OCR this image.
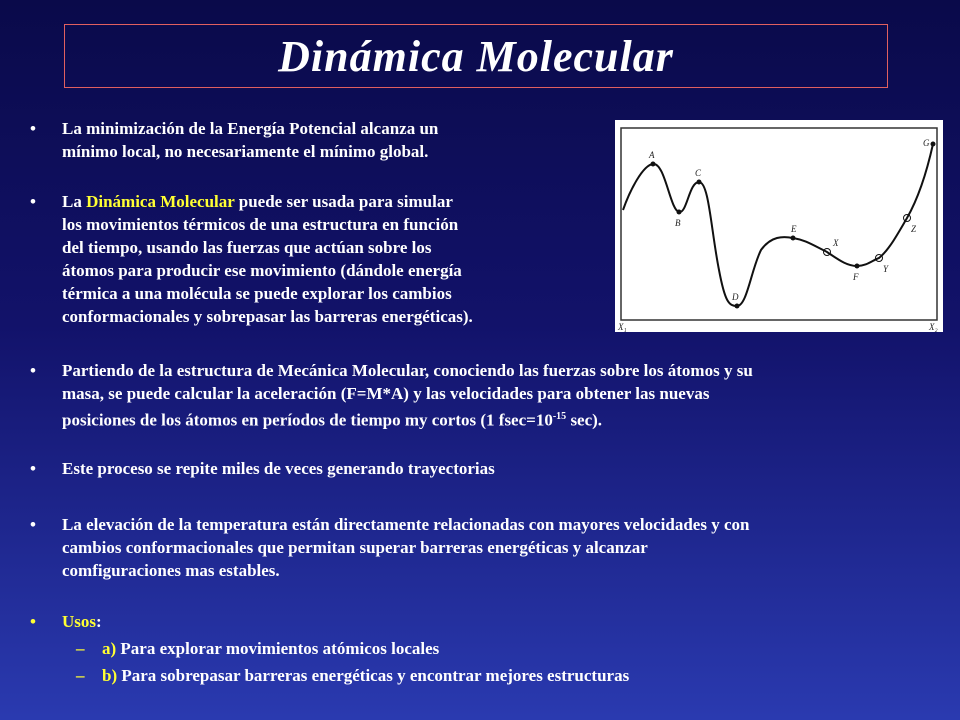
Dinámica Molecular
• La minimización de la Energía Potencial alcanza un
mínimo local, no necesariamente el mínimo global.
• La Dinámica Molecular puede ser usada para simular
los movimientos térmicos de una estructura en función
del tiempo, usando las fuerzas que actúan sobre los
átomos para producir ese movimiento (dándole energía
térmica a una molécula se puede explorar los cambios
conformacionales y sobrepasar las barreras energéticas).
A
B
C
D
E
F
G
X
Y
Z
X₁	X₂
• Partiendo de la estructura de Mecánica Molecular, conociendo las fuerzas sobre los átomos y su
masa, se puede calcular la aceleración (F=M*A) y las velocidades para obtener las nuevas
posiciones de los átomos en períodos de tiempo my cortos (1 $fsec=10^{-15}$ sec).
• Este proceso se repite miles de veces generando trayectorias
• La elevación de la temperatura están directamente relacionadas con mayores velocidades y con
cambios conformacionales que permitan superar barreras energéticas y alcanzar
comfiguraciones mas estables.
• Usos:
– a) Para explorar movimientos atómicos locales
– b) Para sobrepasar barreras energéticas y encontrar mejores estructuras
